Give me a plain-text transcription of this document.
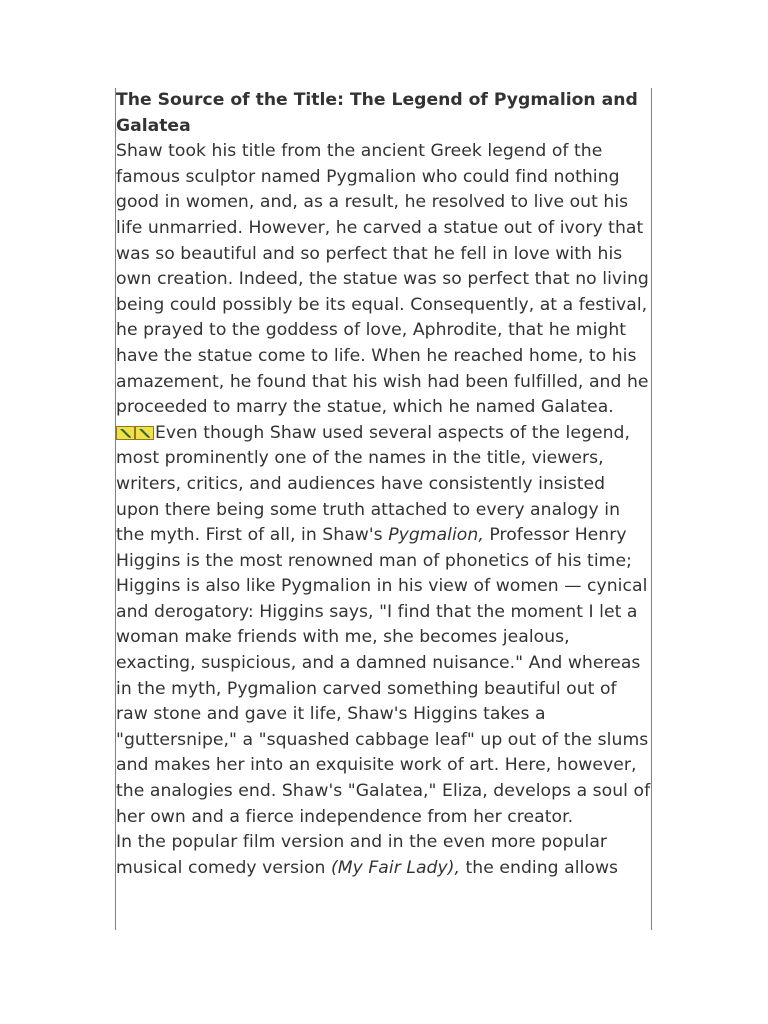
The Source of the Title: The Legend of Pygmalion and Galatea

Shaw took his title from the ancient Greek legend of the famous sculptor named Pygmalion who could find nothing good in women, and, as a result, he resolved to live out his life unmarried. However, he carved a statue out of ivory that was so beautiful and so perfect that he fell in love with his own creation. Indeed, the statue was so perfect that no living being could possibly be its equal. Consequently, at a festival, he prayed to the goddess of love, Aphrodite, that he might have the statue come to life. When he reached home, to his amazement, he found that his wish had been fulfilled, and he proceeded to marry the statue, which he named Galatea.

Even though Shaw used several aspects of the legend, most prominently one of the names in the title, viewers, writers, critics, and audiences have consistently insisted upon there being some truth attached to every analogy in the myth. First of all, in Shaw's Pygmalion, Professor Henry Higgins is the most renowned man of phonetics of his time; Higgins is also like Pygmalion in his view of women — cynical and derogatory: Higgins says, "I find that the moment I let a woman make friends with me, she becomes jealous, exacting, suspicious, and a damned nuisance." And whereas in the myth, Pygmalion carved something beautiful out of raw stone and gave it life, Shaw's Higgins takes a "guttersnipe," a "squashed cabbage leaf" up out of the slums and makes her into an exquisite work of art. Here, however, the analogies end. Shaw's "Galatea," Eliza, develops a soul of her own and a fierce independence from her creator.

In the popular film version and in the even more popular musical comedy version (My Fair Lady), the ending allows
